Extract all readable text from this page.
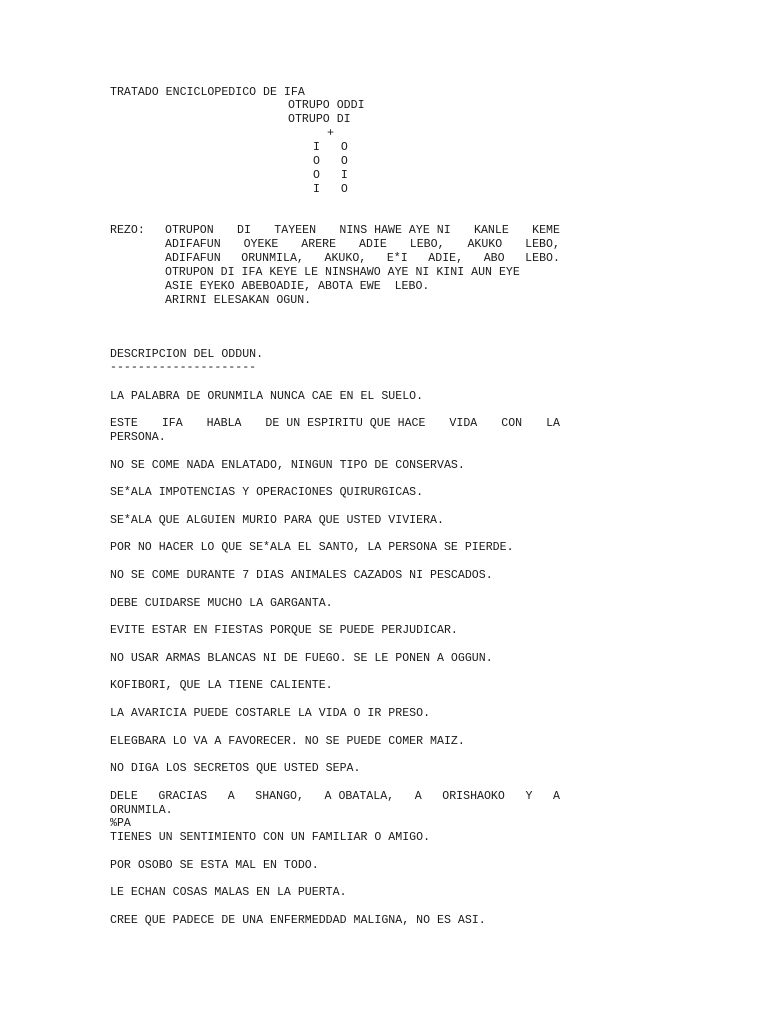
TRATADO ENCICLOPEDICO DE IFA
OTRUPO ODDI
OTRUPO DI
+
I   O
O   O
O   I
I   O
REZO: OTRUPON DI TAYEEN NINS HAWE AYE NI KANLE KEME
ADIFAFUN OYEKE ARERE ADIE LEBO, AKUKO LEBO,
ADIFAFUN ORUNMILA, AKUKO, E*I ADIE, ABO LEBO.
OTRUPON DI IFA KEYE LE NINSHAWO AYE NI KINI AUN EYE
ASIE EYEKO ABEBOADIE, ABOTA EWE  LEBO.
ARIRNI ELESAKAN OGUN.
DESCRIPCION DEL ODDUN.
---------------------
LA PALABRA DE ORUNMILA NUNCA CAE EN EL SUELO.
ESTE IFA HABLA DE UN ESPIRITU QUE HACE VIDA CON LA
PERSONA.
NO SE COME NADA ENLATADO, NINGUN TIPO DE CONSERVAS.
SE*ALA IMPOTENCIAS Y OPERACIONES QUIRURGICAS.
SE*ALA QUE ALGUIEN MURIO PARA QUE USTED VIVIERA.
POR NO HACER LO QUE SE*ALA EL SANTO, LA PERSONA SE PIERDE.
NO SE COME DURANTE 7 DIAS ANIMALES CAZADOS NI PESCADOS.
DEBE CUIDARSE MUCHO LA GARGANTA.
EVITE ESTAR EN FIESTAS PORQUE SE PUEDE PERJUDICAR.
NO USAR ARMAS BLANCAS NI DE FUEGO. SE LE PONEN A OGGUN.
KOFIBORI, QUE LA TIENE CALIENTE.
LA AVARICIA PUEDE COSTARLE LA VIDA O IR PRESO.
ELEGBARA LO VA A FAVORECER. NO SE PUEDE COMER MAIZ.
NO DIGA LOS SECRETOS QUE USTED SEPA.
DELE GRACIAS A SHANGO, A OBATALA, A ORISHAOKO Y A
ORUNMILA.
%PA
TIENES UN SENTIMIENTO CON UN FAMILIAR O AMIGO.
POR OSOBO SE ESTA MAL EN TODO.
LE ECHAN COSAS MALAS EN LA PUERTA.
CREE QUE PADECE DE UNA ENFERMEDDAD MALIGNA, NO ES ASI.
